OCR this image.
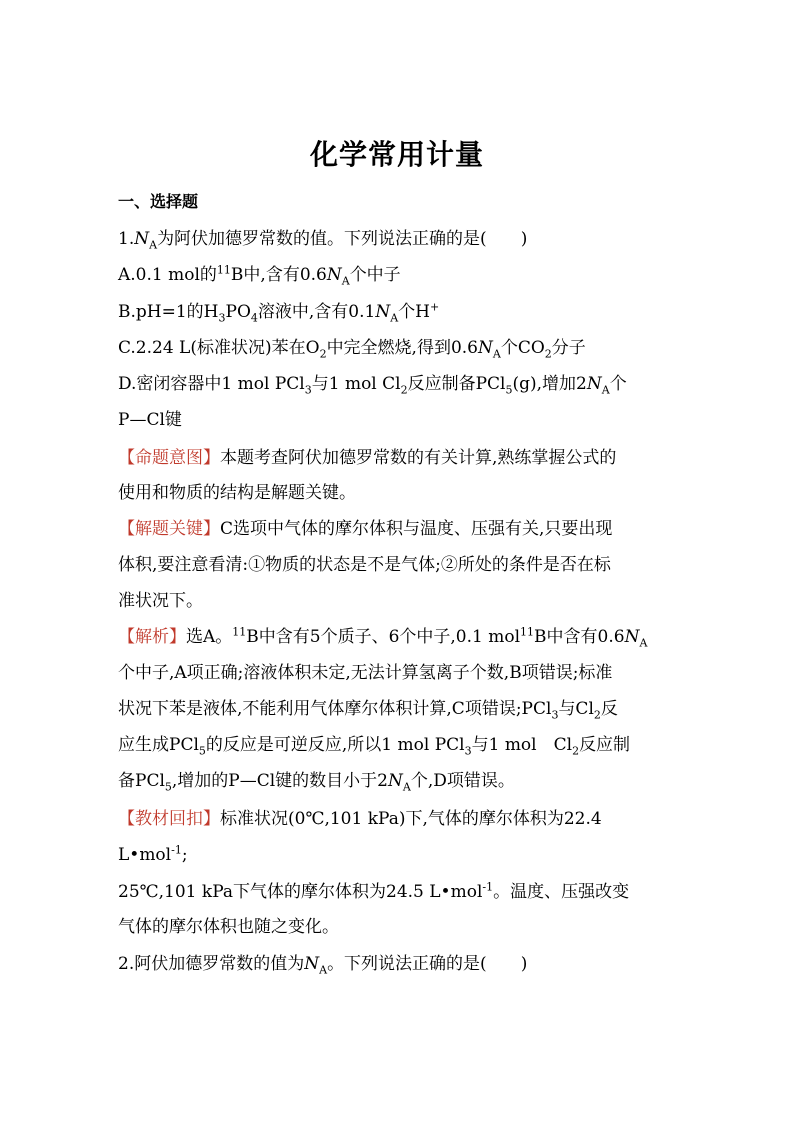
化学常用计量
一、选择题
$1.N_A$为阿伏加德罗常数的值。下列说法正确的是(　　)
A.0.1 mol的$^{11}$B中,含有$0.6N_A$个中子
B.pH=1的$H_3PO_4$溶液中,含有$0.1N_A$个H+
C.2.24 L(标准状况)苯在$O_2$中完全燃烧,得到$0.6N_A$个$CO_2$分子
D.密闭容器中1 mol PCl$_3$与1 mol $Cl_2$反应制备PCl$_5$(g),增加$2N_A$个
P—Cl键
【命题意图】本题考查阿伏加德罗常数的有关计算,熟练掌握公式的
使用和物质的结构是解题关键。
【解题关键】C选项中气体的摩尔体积与温度、压强有关,只要出现
体积,要注意看清:①物质的状态是不是气体;②所处的条件是否在标
准状况下。
【解析】选A。$^{11}$B中含有5个质子、6个中子,0.1 mol$^{11}$B中含有$0.6N_A$
个中子,A项正确;溶液体积未定,无法计算氢离子个数,B项错误;标准
状况下苯是液体,不能利用气体摩尔体积计算,C项错误;PCl$_3$与$Cl_2$反
应生成PCl$_5$的反应是可逆反应,所以1 mol PCl$_3$与1 mol　$Cl_2$反应制
备PCl$_5$,增加的P—Cl键的数目小于$2N_A$个,D项错误。
【教材回扣】标准状况(0℃,101 kPa)下,气体的摩尔体积为22.4
L•mol$^{-1}$;
25℃,101 kPa下气体的摩尔体积为24.5 L•mol$^{-1}$。温度、压强改变
气体的摩尔体积也随之变化。
2.阿伏加德罗常数的值为$N_A$。下列说法正确的是(　　)
